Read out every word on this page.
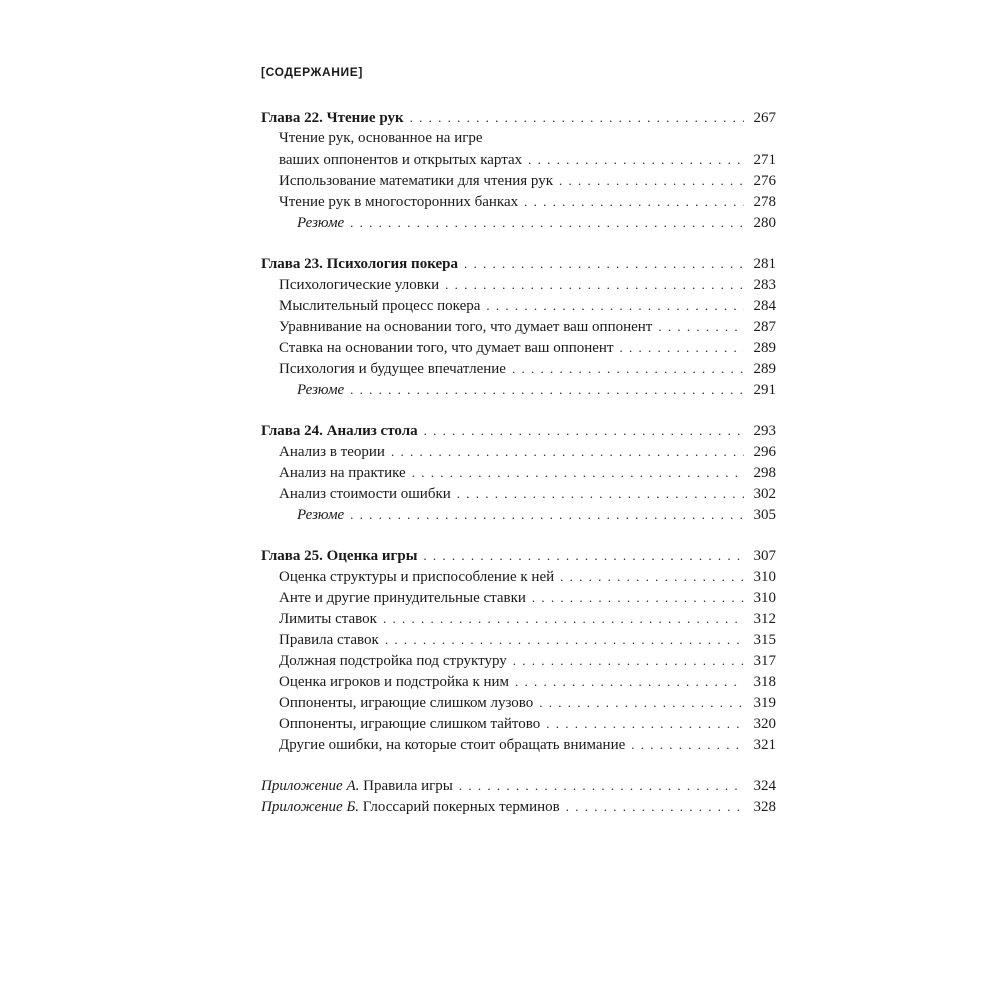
[СОДЕРЖАНИЕ]
Глава 22. Чтение рук . . .	267
Чтение рук, основанное на игре
ваших оппонентов и открытых картах . . .	271
Использование математики для чтения рук . . .	276
Чтение рук в многосторонних банках . . .	278
Резюме . . .	280
Глава 23. Психология покера . . .	281
Психологические уловки . . .	283
Мыслительный процесс покера . . .	284
Уравнивание на основании того, что думает ваш оппонент . . .	287
Ставка на основании того, что думает ваш оппонент . . .	289
Психология и будущее впечатление . . .	289
Резюме . . .	291
Глава 24. Анализ стола . . .	293
Анализ в теории . . .	296
Анализ на практике . . .	298
Анализ стоимости ошибки . . .	302
Резюме . . .	305
Глава 25. Оценка игры . . .	307
Оценка структуры и приспособление к ней . . .	310
Анте и другие принудительные ставки . . .	310
Лимиты ставок . . .	312
Правила ставок . . .	315
Должная подстройка под структуру . . .	317
Оценка игроков и подстройка к ним . . .	318
Оппоненты, играющие слишком лузово . . .	319
Оппоненты, играющие слишком тайтово . . .	320
Другие ошибки, на которые стоит обращать внимание . . .	321
Приложение А. Правила игры . . .	324
Приложение Б. Глоссарий покерных терминов . . .	328
